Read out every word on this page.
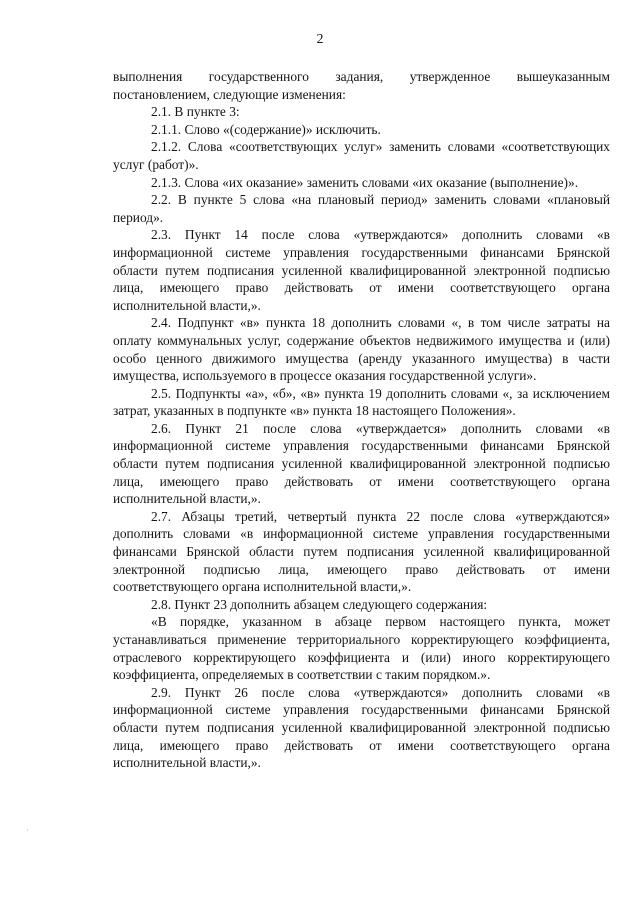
2

выполнения государственного задания, утвержденное вышеуказанным постановлением, следующие изменения:

2.1. В пункте 3:

2.1.1. Слово «(содержание)» исключить.

2.1.2. Слова «соответствующих услуг» заменить словами «соответствующих услуг (работ)».

2.1.3. Слова «их оказание» заменить словами «их оказание (выполнение)».

2.2. В пункте 5 слова «на плановый период» заменить словами «плановый период».

2.3. Пункт 14 после слова «утверждаются» дополнить словами «в информационной системе управления государственными финансами Брянской области путем подписания усиленной квалифицированной электронной подписью лица, имеющего право действовать от имени соответствующего органа исполнительной власти,».

2.4. Подпункт «в» пункта 18 дополнить словами «, в том числе затраты на оплату коммунальных услуг, содержание объектов недвижимого имущества и (или) особо ценного движимого имущества (аренду указанного имущества) в части имущества, используемого в процессе оказания государственной услуги».

2.5. Подпункты «а», «б», «в» пункта 19 дополнить словами «, за исключением затрат, указанных в подпункте «в» пункта 18 настоящего Положения».

2.6. Пункт 21 после слова «утверждается» дополнить словами «в информационной системе управления государственными финансами Брянской области путем подписания усиленной квалифицированной электронной подписью лица, имеющего право действовать от имени соответствующего органа исполнительной власти,».

2.7. Абзацы третий, четвертый пункта 22 после слова «утверждаются» дополнить словами «в информационной системе управления государственными финансами Брянской области путем подписания усиленной квалифицированной электронной подписью лица, имеющего право действовать от имени соответствующего органа исполнительной власти,».

2.8. Пункт 23 дополнить абзацем следующего содержания:

«В порядке, указанном в абзаце первом настоящего пункта, может устанавливаться применение территориального корректирующего коэффициента, отраслевого корректирующего коэффициента и (или) иного корректирующего коэффициента, определяемых в соответствии с таким порядком.».

2.9. Пункт 26 после слова «утверждаются» дополнить словами «в информационной системе управления государственными финансами Брянской области путем подписания усиленной квалифицированной электронной подписью лица, имеющего право действовать от имени соответствующего органа исполнительной власти,».

·
